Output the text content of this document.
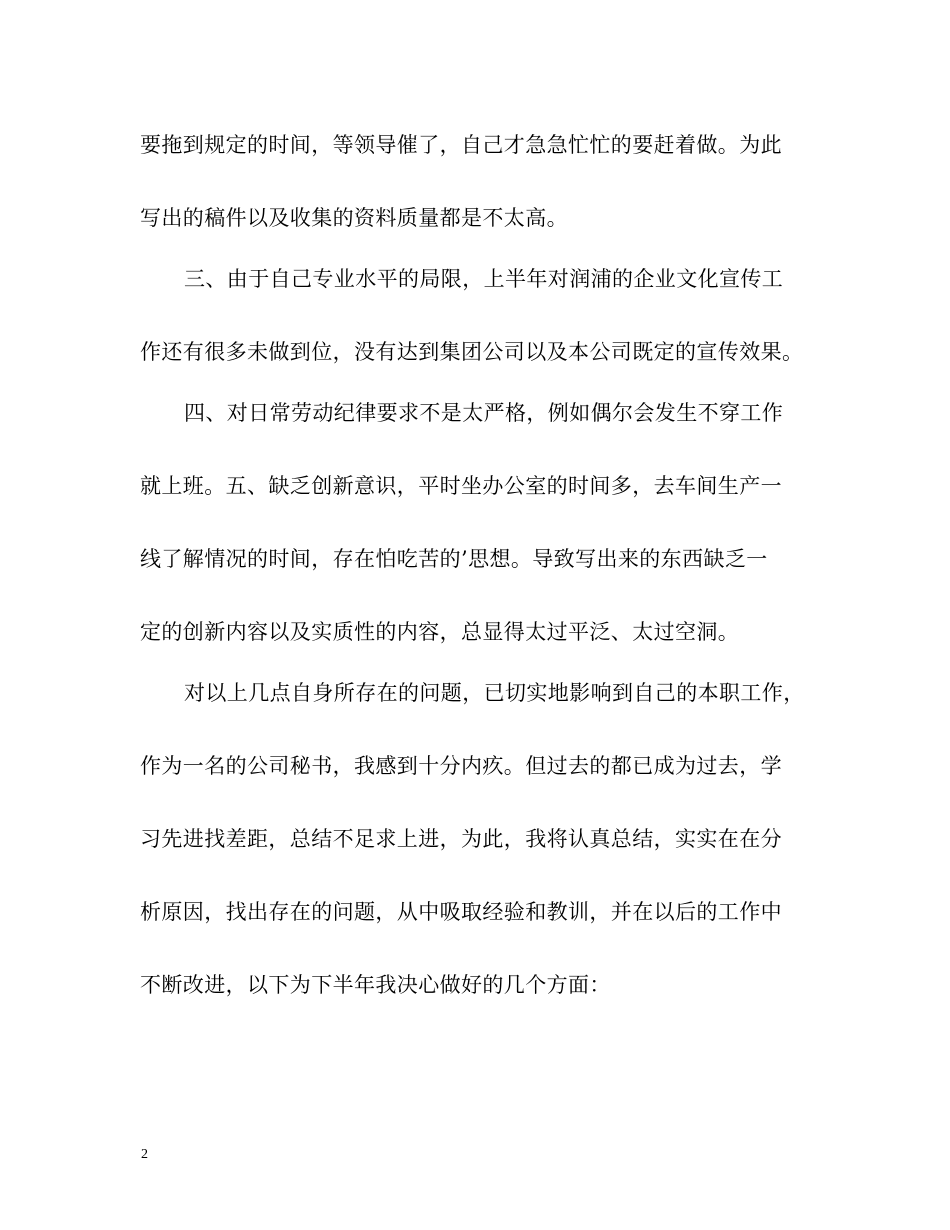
要拖到规定的时间，等领导催了，自己才急急忙忙的要赶着做。为此

写出的稿件以及收集的资料质量都是不太高。

三、由于自己专业水平的局限，上半年对润浦的企业文化宣传工

作还有很多未做到位，没有达到集团公司以及本公司既定的宣传效果。

四、对日常劳动纪律要求不是太严格，例如偶尔会发生不穿工作

就上班。五、缺乏创新意识，平时坐办公室的时间多，去车间生产一

线了解情况的时间，存在怕吃苦的’思想。导致写出来的东西缺乏一

定的创新内容以及实质性的内容，总显得太过平泛、太过空洞。

对以上几点自身所存在的问题，已切实地影响到自己的本职工作，

作为一名的公司秘书，我感到十分内疚。但过去的都已成为过去，学

习先进找差距，总结不足求上进，为此，我将认真总结，实实在在分

析原因，找出存在的问题，从中吸取经验和教训，并在以后的工作中

不断改进，以下为下半年我决心做好的几个方面：

2
